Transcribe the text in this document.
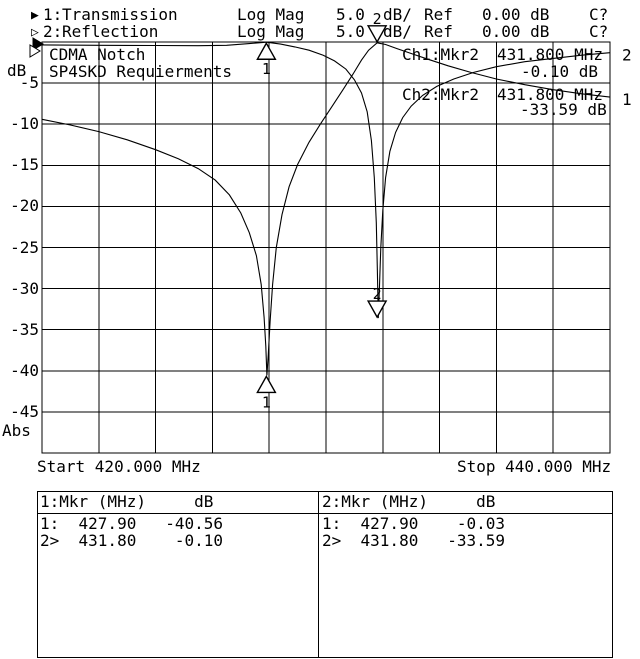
1
2
1
2
1
2
▶ 1: Transmission	Log Mag 5.0 dB/ Ref 0.00 dB C?
▷ 2: Reflection	Log Mag 5.0 dB/ Ref 0.00 dB C?
dB
-5
-10
-15
-20
-25
-30
-35
-40
-45
Abs
CDMA Notch
SP4SKD Requierments
Ch1:Mkr2 431.800 MHz
-0.10 dB
Ch2:Mkr2 431.800 MHz
-33.59 dB
Start 420.000 MHz	Stop 440.000 MHz
1:Mkr (MHz)     dB
1:  427.90   -40.56
2>  431.80    -0.10
2:Mkr (MHz)     dB
1:  427.90    -0.03
2>  431.80   -33.59
